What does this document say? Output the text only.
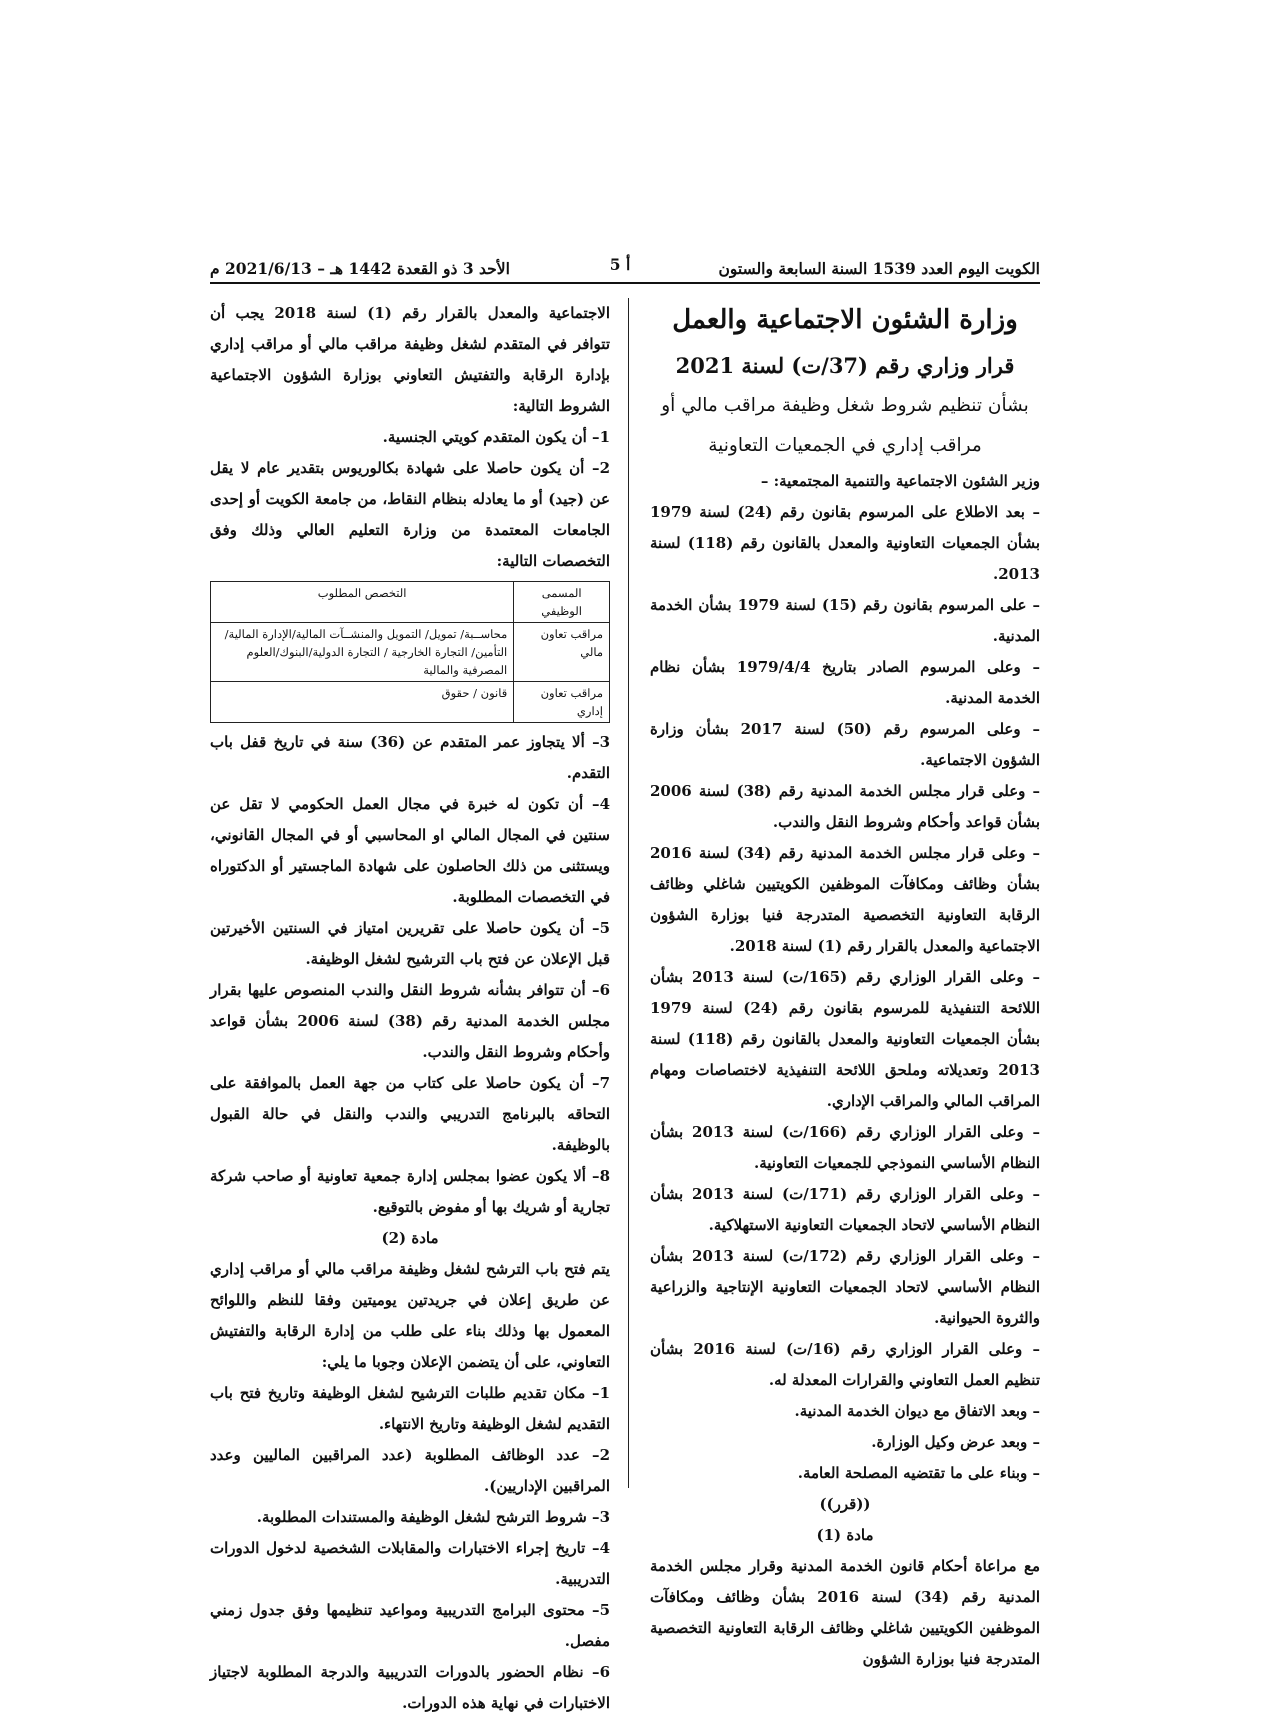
الكويت اليوم العدد 1539 السنة السابعة والستون
أ 5
الأحد 3 ذو القعدة 1442 هـ – 2021/6/13 م
وزارة الشئون الاجتماعية والعمل
قرار وزاري رقم (37/ت) لسنة 2021
بشأن تنظيم شروط شغل وظيفة مراقب مالي أو
مراقب إداري في الجمعيات التعاونية

وزير الشئون الاجتماعية والتنمية المجتمعية: –

– بعد الاطلاع على المرسوم بقانون رقم (24) لسنة 1979 بشأن الجمعيات التعاونية والمعدل بالقانون رقم (118) لسنة 2013.

– على المرسوم بقانون رقم (15) لسنة 1979 بشأن الخدمة المدنية.

– وعلى المرسوم الصادر بتاريخ 1979/4/4 بشأن نظام الخدمة المدنية.

– وعلى المرسوم رقم (50) لسنة 2017 بشأن وزارة الشؤون الاجتماعية.

– وعلى قرار مجلس الخدمة المدنية رقم (38) لسنة 2006 بشأن قواعد وأحكام وشروط النقل والندب.

– وعلى قرار مجلس الخدمة المدنية رقم (34) لسنة 2016 بشأن وظائف ومكافآت الموظفين الكويتيين شاغلي وظائف الرقابة التعاونية التخصصية المتدرجة فنيا بوزارة الشؤون الاجتماعية والمعدل بالقرار رقم (1) لسنة 2018.

– وعلى القرار الوزاري رقم (165/ت) لسنة 2013 بشأن اللائحة التنفيذية للمرسوم بقانون رقم (24) لسنة 1979 بشأن الجمعيات التعاونية والمعدل بالقانون رقم (118) لسنة 2013 وتعديلاته وملحق اللائحة التنفيذية لاختصاصات ومهام المراقب المالي والمراقب الإداري.

– وعلى القرار الوزاري رقم (166/ت) لسنة 2013 بشأن النظام الأساسي النموذجي للجمعيات التعاونية.

– وعلى القرار الوزاري رقم (171/ت) لسنة 2013 بشأن النظام الأساسي لاتحاد الجمعيات التعاونية الاستهلاكية.

– وعلى القرار الوزاري رقم (172/ت) لسنة 2013 بشأن النظام الأساسي لاتحاد الجمعيات التعاونية الإنتاجية والزراعية والثروة الحيوانية.

– وعلى القرار الوزاري رقم (16/ت) لسنة 2016 بشأن تنظيم العمل التعاوني والقرارات المعدلة له.

– وبعد الاتفاق مع ديوان الخدمة المدنية.

– وبعد عرض وكيل الوزارة.

– وبناء على ما تقتضيه المصلحة العامة.

((قرر))

مادة (1)

مع مراعاة أحكام قانون الخدمة المدنية وقرار مجلس الخدمة المدنية رقم (34) لسنة 2016 بشأن وظائف ومكافآت الموظفين الكويتيين شاغلي وظائف الرقابة التعاونية التخصصية المتدرجة فنيا بوزارة الشؤون

الاجتماعية والمعدل بالقرار رقم (1) لسنة 2018 يجب أن تتوافر في المتقدم لشغل وظيفة مراقب مالي أو مراقب إداري بإدارة الرقابة والتفتيش التعاوني بوزارة الشؤون الاجتماعية الشروط التالية:

1– أن يكون المتقدم كويتي الجنسية.

2– أن يكون حاصلا على شهادة بكالوريوس بتقدير عام لا يقل عن (جيد) أو ما يعادله بنظام النقاط، من جامعة الكويت أو إحدى الجامعات المعتمدة من وزارة التعليم العالي وذلك وفق التخصصات التالية:

المسمى الوظيفي	التخصص المطلوب
مراقب تعاون مالي	محاســبة/ تمويل/ التمويل والمنشــآت المالية/الإدارة المالية/ التأمين/ التجارة الخارجية / التجارة الدولية/البنوك/العلوم المصرفية والمالية
مراقب تعاون إداري	قانون / حقوق

3– ألا يتجاوز عمر المتقدم عن (36) سنة في تاريخ قفل باب التقدم.

4– أن تكون له خبرة في مجال العمل الحكومي لا تقل عن سنتين في المجال المالي او المحاسبي أو في المجال القانوني، ويستثنى من ذلك الحاصلون على شهادة الماجستير أو الدكتوراه في التخصصات المطلوبة.

5– أن يكون حاصلا على تقريرين امتياز في السنتين الأخيرتين قبل الإعلان عن فتح باب الترشيح لشغل الوظيفة.

6– أن تتوافر بشأنه شروط النقل والندب المنصوص عليها بقرار مجلس الخدمة المدنية رقم (38) لسنة 2006 بشأن قواعد وأحكام وشروط النقل والندب.

7– أن يكون حاصلا على كتاب من جهة العمل بالموافقة على التحاقه بالبرنامج التدريبي والندب والنقل في حالة القبول بالوظيفة.

8– ألا يكون عضوا بمجلس إدارة جمعية تعاونية أو صاحب شركة تجارية أو شريك بها أو مفوض بالتوقيع.

مادة (2)

يتم فتح باب الترشح لشغل وظيفة مراقب مالي أو مراقب إداري عن طريق إعلان في جريدتين يوميتين وفقا للنظم واللوائح المعمول بها وذلك بناء على طلب من إدارة الرقابة والتفتيش التعاوني، على أن يتضمن الإعلان وجوبا ما يلي:

1– مكان تقديم طلبات الترشيح لشغل الوظيفة وتاريخ فتح باب التقديم لشغل الوظيفة وتاريخ الانتهاء.

2– عدد الوظائف المطلوبة (عدد المراقبين الماليين وعدد المراقبين الإداريين).

3– شروط الترشح لشغل الوظيفة والمستندات المطلوبة.

4– تاريخ إجراء الاختبارات والمقابلات الشخصية لدخول الدورات التدريبية.

5– محتوى البرامج التدريبية ومواعيد تنظيمها وفق جدول زمني مفصل.

6– نظام الحضور بالدورات التدريبية والدرجة المطلوبة لاجتياز الاختبارات في نهاية هذه الدورات.
